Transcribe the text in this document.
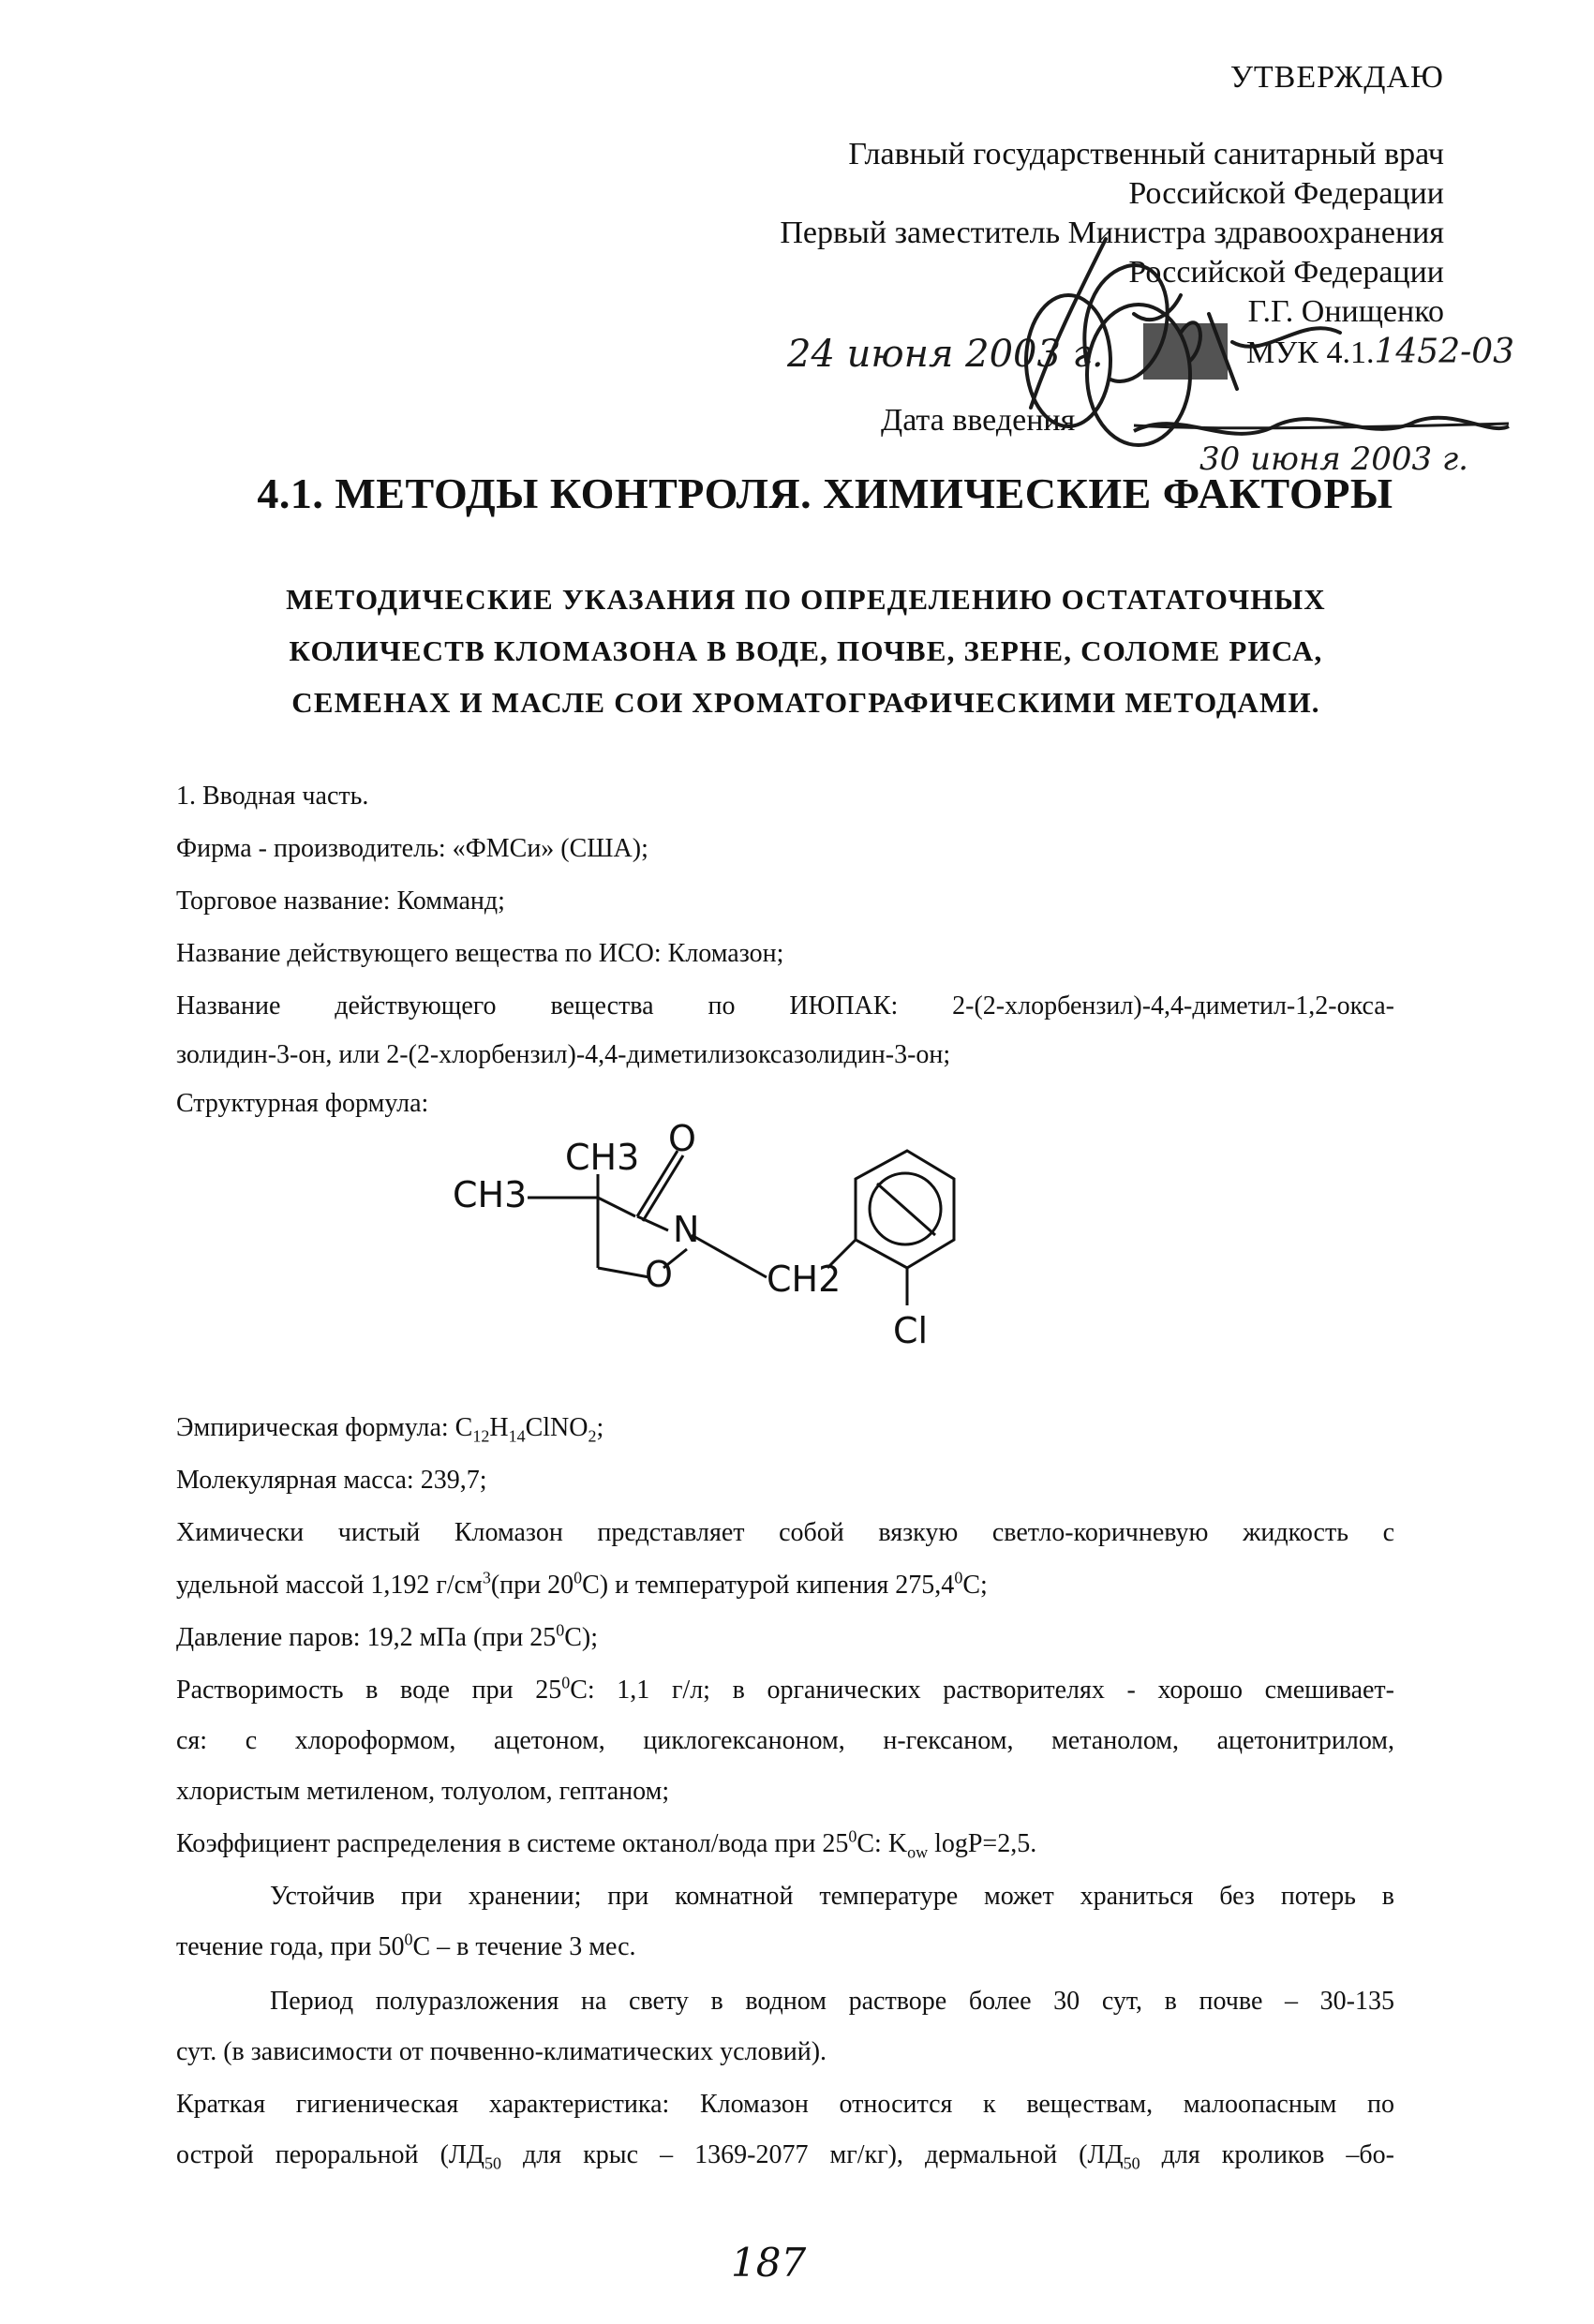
УТВЕРЖДАЮ
Главный государственный санитарный врач
Российской Федерации
Первый заместитель Министра здравоохранения
Российской Федерации
Г.Г. Онищенко
МУК 4.1.1452-03
24 июня 2003 г.
Дата введения
30 июня 2003 г.
4.1. МЕТОДЫ КОНТРОЛЯ. ХИМИЧЕСКИЕ ФАКТОРЫ
МЕТОДИЧЕСКИЕ УКАЗАНИЯ ПО ОПРЕДЕЛЕНИЮ ОСТАТАТОЧНЫХ
КОЛИЧЕСТВ КЛОМАЗОНА В ВОДЕ, ПОЧВЕ, ЗЕРНЕ, СОЛОМЕ РИСА,
СЕМЕНАХ И МАСЛЕ СОИ ХРОМАТОГРАФИЧЕСКИМИ МЕТОДАМИ.

1. Вводная часть.

Фирма - производитель: «ФМСи» (США);

Торговое название: Комманд;

Название действующего вещества по ИСО: Кломазон;

Название действующего вещества по ИЮПАК: 2-(2-хлорбензил)-4,4-диметил-1,2-окса-

золидин-3-он, или 2-(2-хлорбензил)-4,4-диметилизоксазолидин-3-он;

Структурная формула:

CH3
CH3
O
N
O	CH2
Cl

Эмпирическая формула: $C_{12}H_{14}ClNO_2$;

Молекулярная масса: 239,7;

Химически чистый Кломазон представляет собой вязкую светло-коричневую жидкость с

удельной массой 1,192 $г/см^3(при$ $20^0С$) и температурой кипения 275,4$^0$С;

Давление паров: 19,2 мПа (при $25^0С$);

Растворимость в воде при $25^0С$: 1,1 г/л; в органических растворителях - хорошо смешивает-

ся: с хлороформом, ацетоном, циклогексаноном, н-гексаном, метанолом, ацетонитрилом,

хлористым метиленом, толуолом, гептаном;

Коэффициент распределения в системе октанол/вода при $25^0С$: $K_{ow}$ logP=2,5.

Устойчив при хранении; при комнатной температуре может храниться без потерь в

течение года, при $50^0С$ – в течение 3 мес.

Период полуразложения на свету в водном растворе более 30 сут, в почве – 30-135

сут. (в зависимости от почвенно-климатических условий).

Краткая гигиеническая характеристика: Кломазон относится к веществам, малоопасным по

острой пероральной ($ЛД_{50}$ для крыс – 1369-2077 мг/кг), дермальной ($ЛД_{50}$ для кроликов –бо-

187
